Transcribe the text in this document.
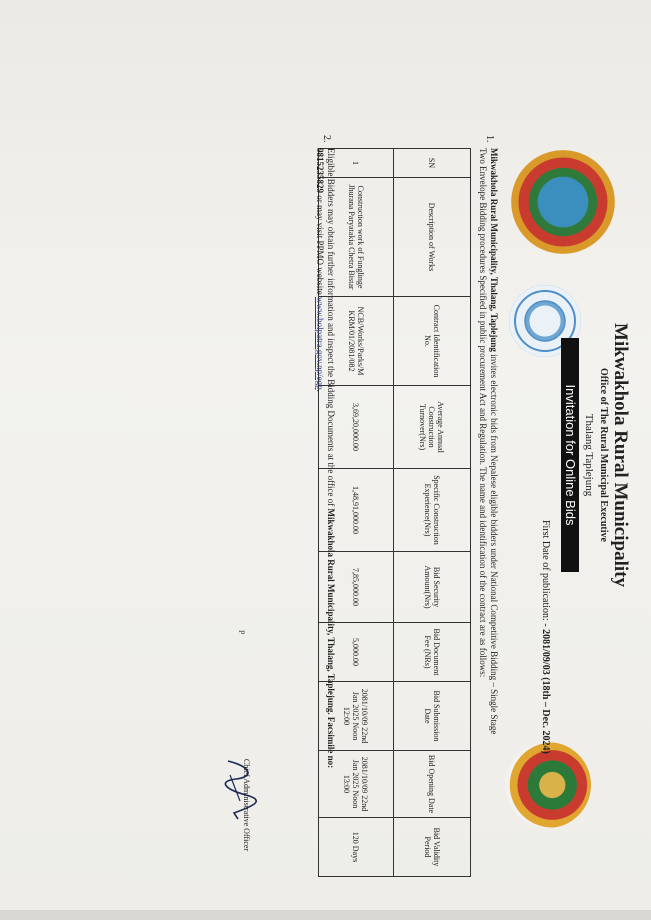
Mikwakhola Rural Municipality
Office of The Rural Municipal Executive
Thalang Taplejung
Invitation for Online Bids
First Date of publication: - 2081/09/03 (18th – Dec. 2024)
1.
Mikwakhola Rural Municipality, Thalang, Taplejung invites electronic bids from Nepalese eligible bidders under National Competitive Bidding – Single Stage
Two Envelope Bidding procedures Specified in public procurement Act and Regulation. The name and identification of the contract are as follows:
SN	Description of Works	Contract Identification No.	Average Annual Construction Turnover(Nrs)	Specific Construction Experience(Nrs)	Bid Security Amount(Nrs)	Bid Document Fee (NRs)	Bid Submission Date	Bid Opening Date	Bid Validity Period
1	Construction work of Funglinge Jhurana Paryatakia Chetra Bistar	NCB/Works/Parks/M KRM/01/2081/082	3,69,20,000.00	1,48,91,000.00	7,85,000.00	5,000.00	2081/10/09 22nd Jan 2025 Noon 12:00	2081/10/09 22nd Jan 2025 Noon 13:00	120 Days
2.
Eligible Bidders may obtain further information and inspect the Bidding Documents at the office of Mikwakhola Rural Municipality, Thalang, Taplejung. Facsimile no:
9815235829 or may visit PPMO website www.bolpatra.gov.np/egp.
P
Chief Administrative Officer
